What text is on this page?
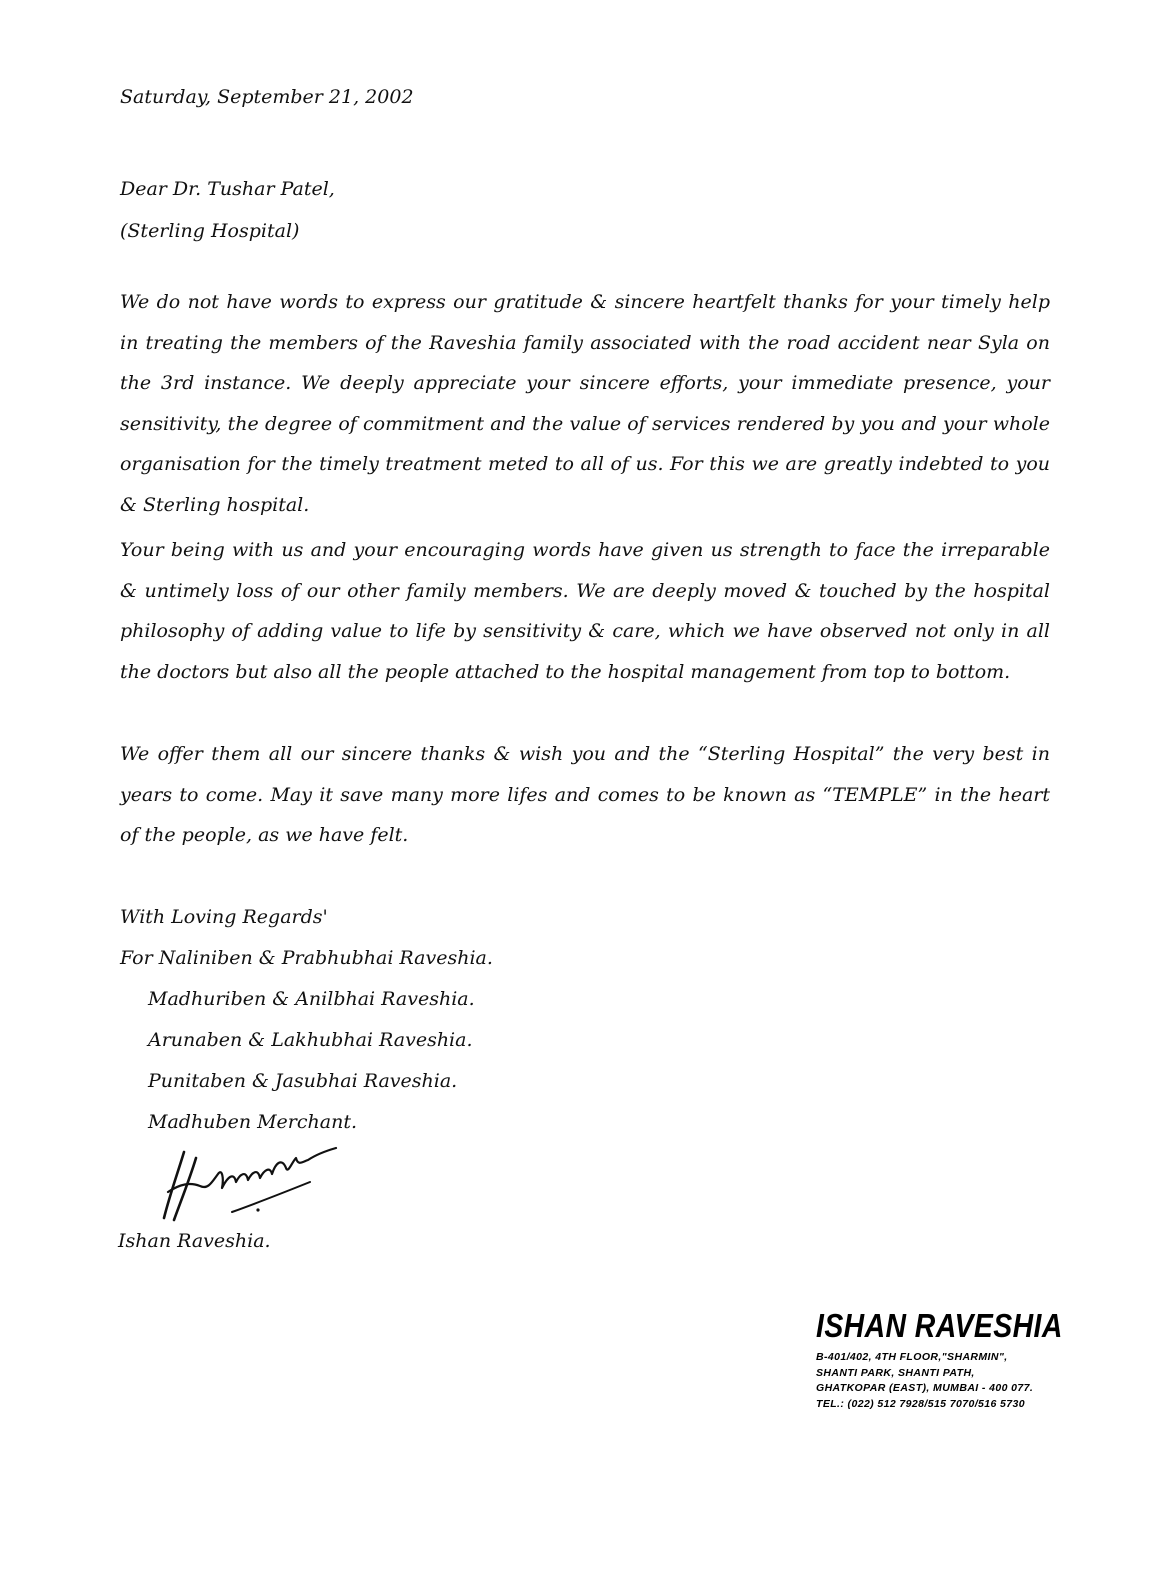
Saturday, September 21, 2002
Dear Dr. Tushar Patel,
(Sterling Hospital)
We do not have words to express our gratitude & sincere heartfelt thanks for your timely help in treating the members of the Raveshia family associated with the road accident near Syla on the 3rd instance. We deeply appreciate your sincere efforts, your immediate presence, your sensitivity, the degree of commitment and the value of services rendered by you and your whole organisation for the timely treatment meted to all of us. For this we are greatly indebted to you & Sterling hospital.
Your being with us and your encouraging words have given us strength to face the irreparable & untimely loss of our other family members. We are deeply moved & touched by the hospital philosophy of adding value to life by sensitivity & care, which we have observed not only in all the doctors but also all the people attached to the hospital management from top to bottom.
We offer them all our sincere thanks & wish you and the “Sterling Hospital” the very best in years to come. May it save many more lifes and comes to be known as “TEMPLE” in the heart of the people, as we have felt.
With Loving Regards'
For Naliniben & Prabhubhai Raveshia.
Madhuriben & Anilbhai Raveshia.
Arunaben & Lakhubhai Raveshia.
Punitaben & Jasubhai Raveshia.
Madhuben Merchant.
Ishan Raveshia.
ISHAN RAVESHIA
B-401/402, 4TH FLOOR,"SHARMIN",
SHANTI PARK, SHANTI PATH,
GHATKOPAR (EAST), MUMBAI - 400 077.
TEL.: (022) 512 7928/515 7070/516 5730
